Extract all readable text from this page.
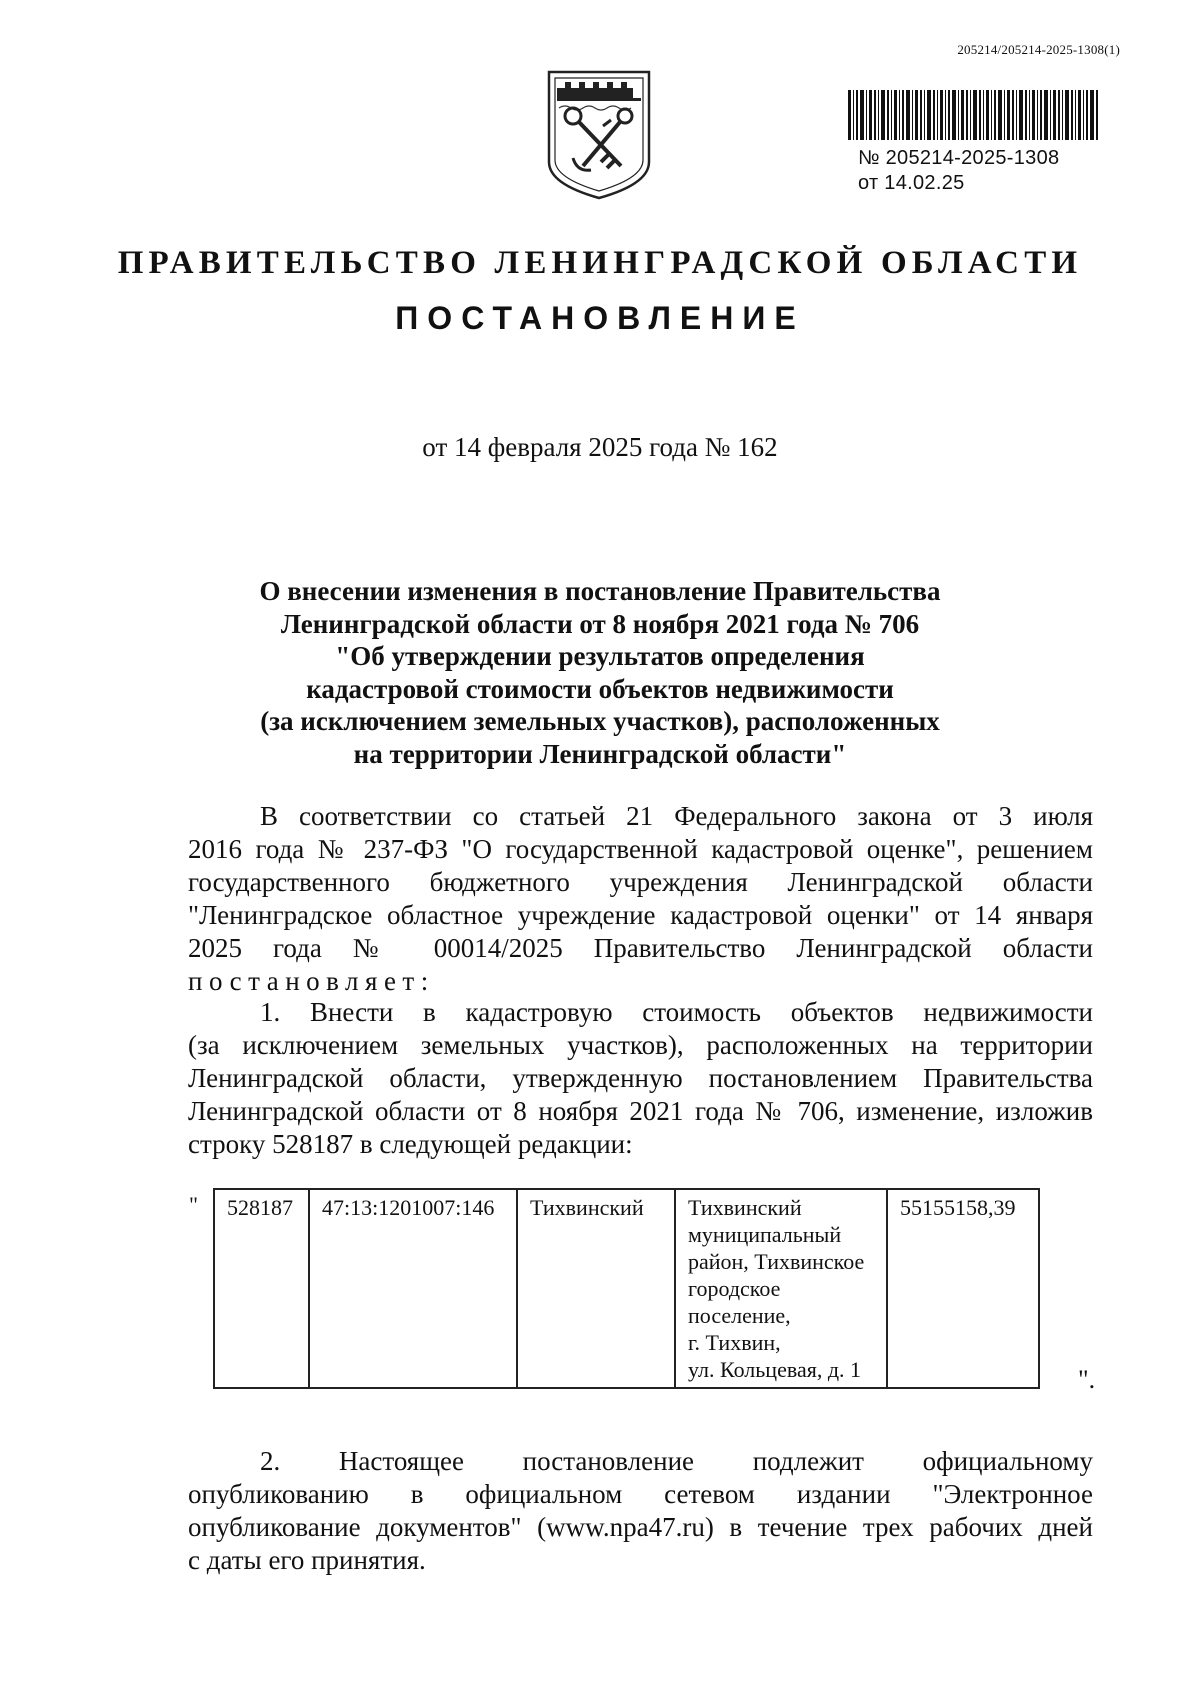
205214/205214-2025-1308(1)
№ 205214-2025-1308
от 14.02.25
ПРАВИТЕЛЬСТВО ЛЕНИНГРАДСКОЙ ОБЛАСТИ
ПОСТАНОВЛЕНИЕ
от 14 февраля 2025 года № 162
О внесении изменения в постановление Правительства
Ленинградской области от 8 ноября 2021 года № 706
"Об утверждении результатов определения
кадастровой стоимости объектов недвижимости
(за исключением земельных участков), расположенных
на территории Ленинградской области"
В соответствии со статьей 21 Федерального закона от 3 июля
2016 года № 237-ФЗ "О государственной кадастровой оценке", решением
государственного бюджетного учреждения Ленинградской области
"Ленинградское областное учреждение кадастровой оценки" от 14 января
2025 года № 00014/2025 Правительство Ленинградской области
постановляет:
1. Внести в кадастровую стоимость объектов недвижимости
(за исключением земельных участков), расположенных на территории
Ленинградской области, утвержденную постановлением Правительства
Ленинградской области от 8 ноября 2021 года № 706, изменение, изложив
строку 528187 в следующей редакции:
" 528187	47:13:1201007:146	Тихвинский	Тихвинский
муниципальный
район, Тихвинское
городское
поселение,
г. Тихвин,
ул. Кольцевая, д. 1
	55155158,39
".
2. Настоящее постановление подлежит официальному
опубликованию в официальном сетевом издании "Электронное
опубликование документов" (www.npa47.ru) в течение трех рабочих дней
с даты его принятия.
